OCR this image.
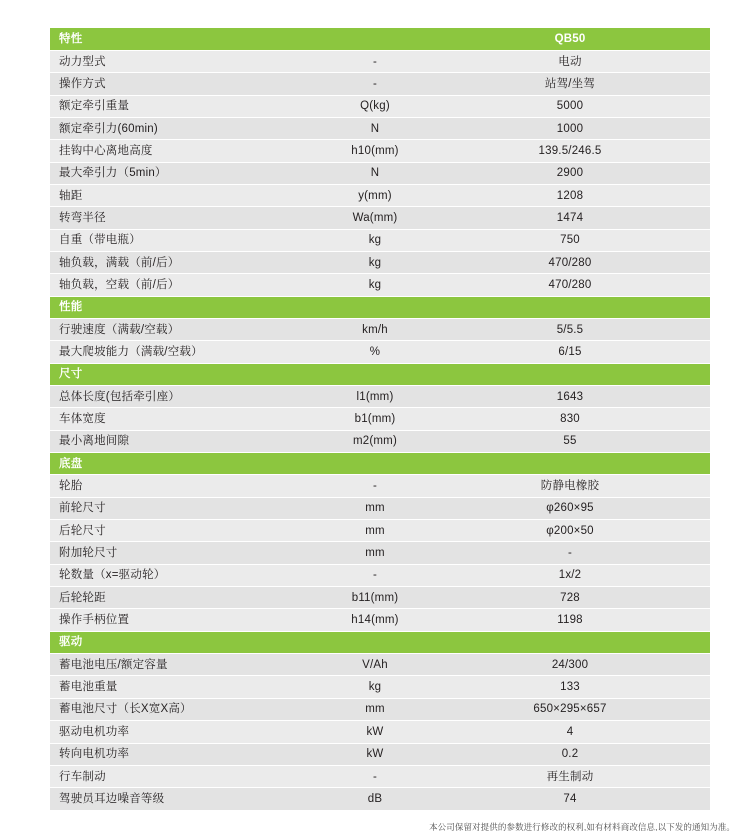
特性		QB50
动力型式	-	电动
操作方式	-	站驾/坐驾
额定牵引重量	Q(kg)	5000
额定牵引力(60min)	N	1000
挂钩中心离地高度	h10(mm)	139.5/246.5
最大牵引力（5min）	N	2900
轴距	y(mm)	1208
转弯半径	Wa(mm)	1474
自重（带电瓶）	kg	750
轴负载，满载（前/后）	kg	470/280
轴负载，空载（前/后）	kg	470/280
性能		
行驶速度（满载/空载）	km/h	5/5.5
最大爬坡能力（满载/空载）	%	6/15
尺寸		
总体长度(包括牵引座）	l1(mm)	1643
车体宽度	b1(mm)	830
最小离地间隙	m2(mm)	55
底盘		
轮胎	-	防静电橡胶
前轮尺寸	mm	φ260×95
后轮尺寸	mm	φ200×50
附加轮尺寸	mm	-
轮数量（x=驱动轮）	-	1x/2
后轮轮距	b11(mm)	728
操作手柄位置	h14(mm)	1198
驱动		
蓄电池电压/额定容量	V/Ah	24/300
蓄电池重量	kg	133
蓄电池尺寸（长X宽X高）	mm	650×295×657
驱动电机功率	kW	4
转向电机功率	kW	0.2
行车制动	-	再生制动
驾驶员耳边噪音等级	dB	74
本公司保留对提供的参数进行修改的权利,如有材料商改信息,以下发的通知为准。
